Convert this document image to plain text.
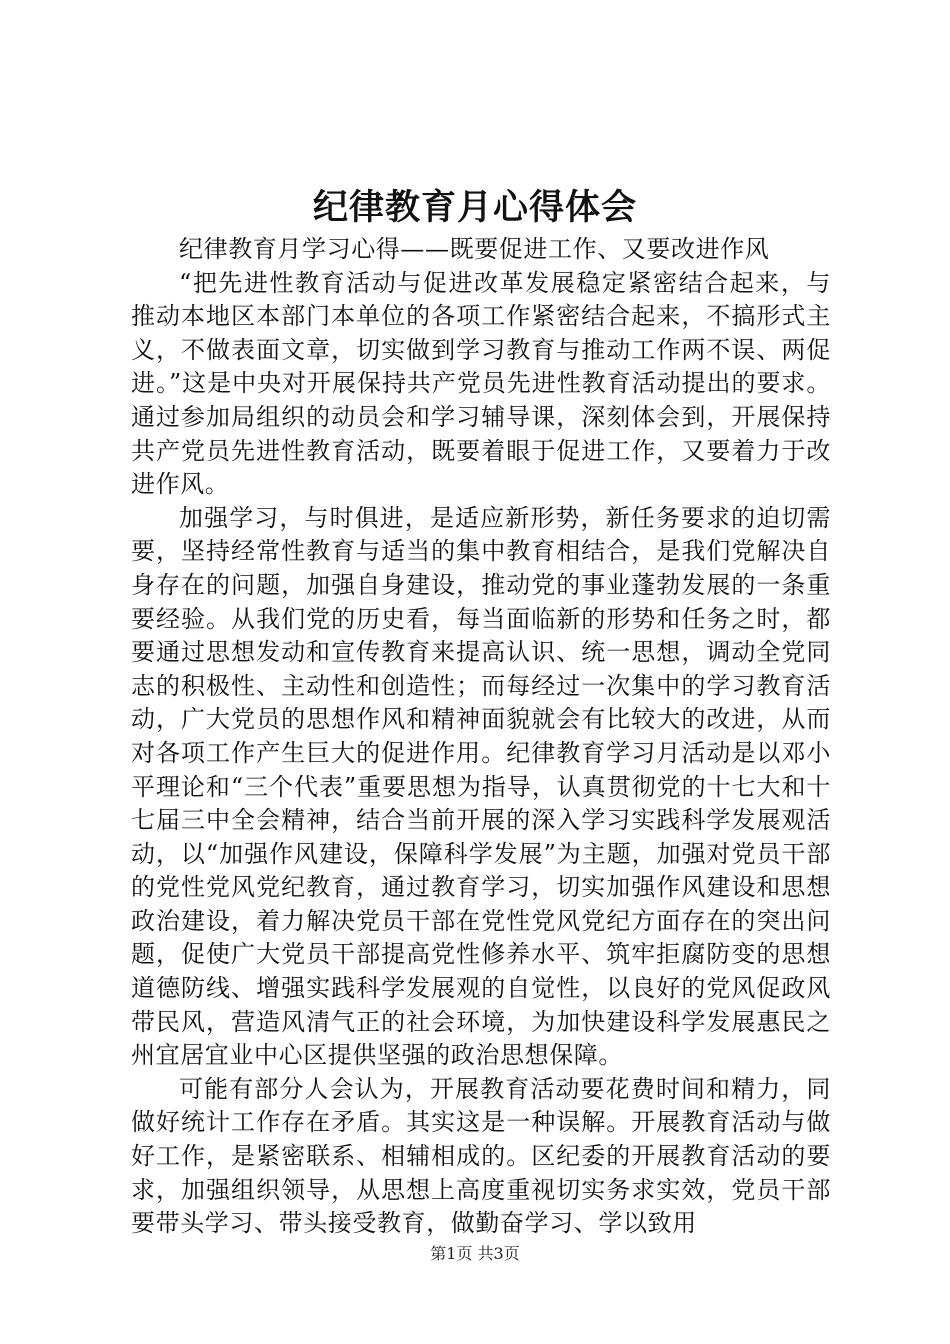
纪律教育月心得体会

纪律教育月学习心得——既要促进工作、又要改进作风

“把先进性教育活动与促进改革发展稳定紧密结合起来，与推动本地区本部门本单位的各项工作紧密结合起来，不搞形式主义，不做表面文章，切实做到学习教育与推动工作两不误、两促进。”这是中央对开展保持共产党员先进性教育活动提出的要求。通过参加局组织的动员会和学习辅导课，深刻体会到，开展保持共产党员先进性教育活动，既要着眼于促进工作，又要着力于改进作风。

加强学习，与时俱进，是适应新形势，新任务要求的迫切需要，坚持经常性教育与适当的集中教育相结合，是我们党解决自身存在的问题，加强自身建设，推动党的事业蓬勃发展的一条重要经验。从我们党的历史看，每当面临新的形势和任务之时，都要通过思想发动和宣传教育来提高认识、统一思想，调动全党同志的积极性、主动性和创造性；而每经过一次集中的学习教育活动，广大党员的思想作风和精神面貌就会有比较大的改进，从而对各项工作产生巨大的促进作用。纪律教育学习月活动是以邓小平理论和“三个代表”重要思想为指导，认真贯彻党的十七大和十七届三中全会精神，结合当前开展的深入学习实践科学发展观活动，以“加强作风建设，保障科学发展”为主题，加强对党员干部的党性党风党纪教育，通过教育学习，切实加强作风建设和思想政治建设，着力解决党员干部在党性党风党纪方面存在的突出问题，促使广大党员干部提高党性修养水平、筑牢拒腐防变的思想道德防线、增强实践科学发展观的自觉性，以良好的党风促政风带民风，营造风清气正的社会环境，为加快建设科学发展惠民之州宜居宜业中心区提供坚强的政治思想保障。

可能有部分人会认为，开展教育活动要花费时间和精力，同做好统计工作存在矛盾。其实这是一种误解。开展教育活动与做好工作，是紧密联系、相辅相成的。区纪委的开展教育活动的要求，加强组织领导，从思想上高度重视切实务求实效，党员干部要带头学习、带头接受教育，做勤奋学习、学以致用

第1页 共3页
